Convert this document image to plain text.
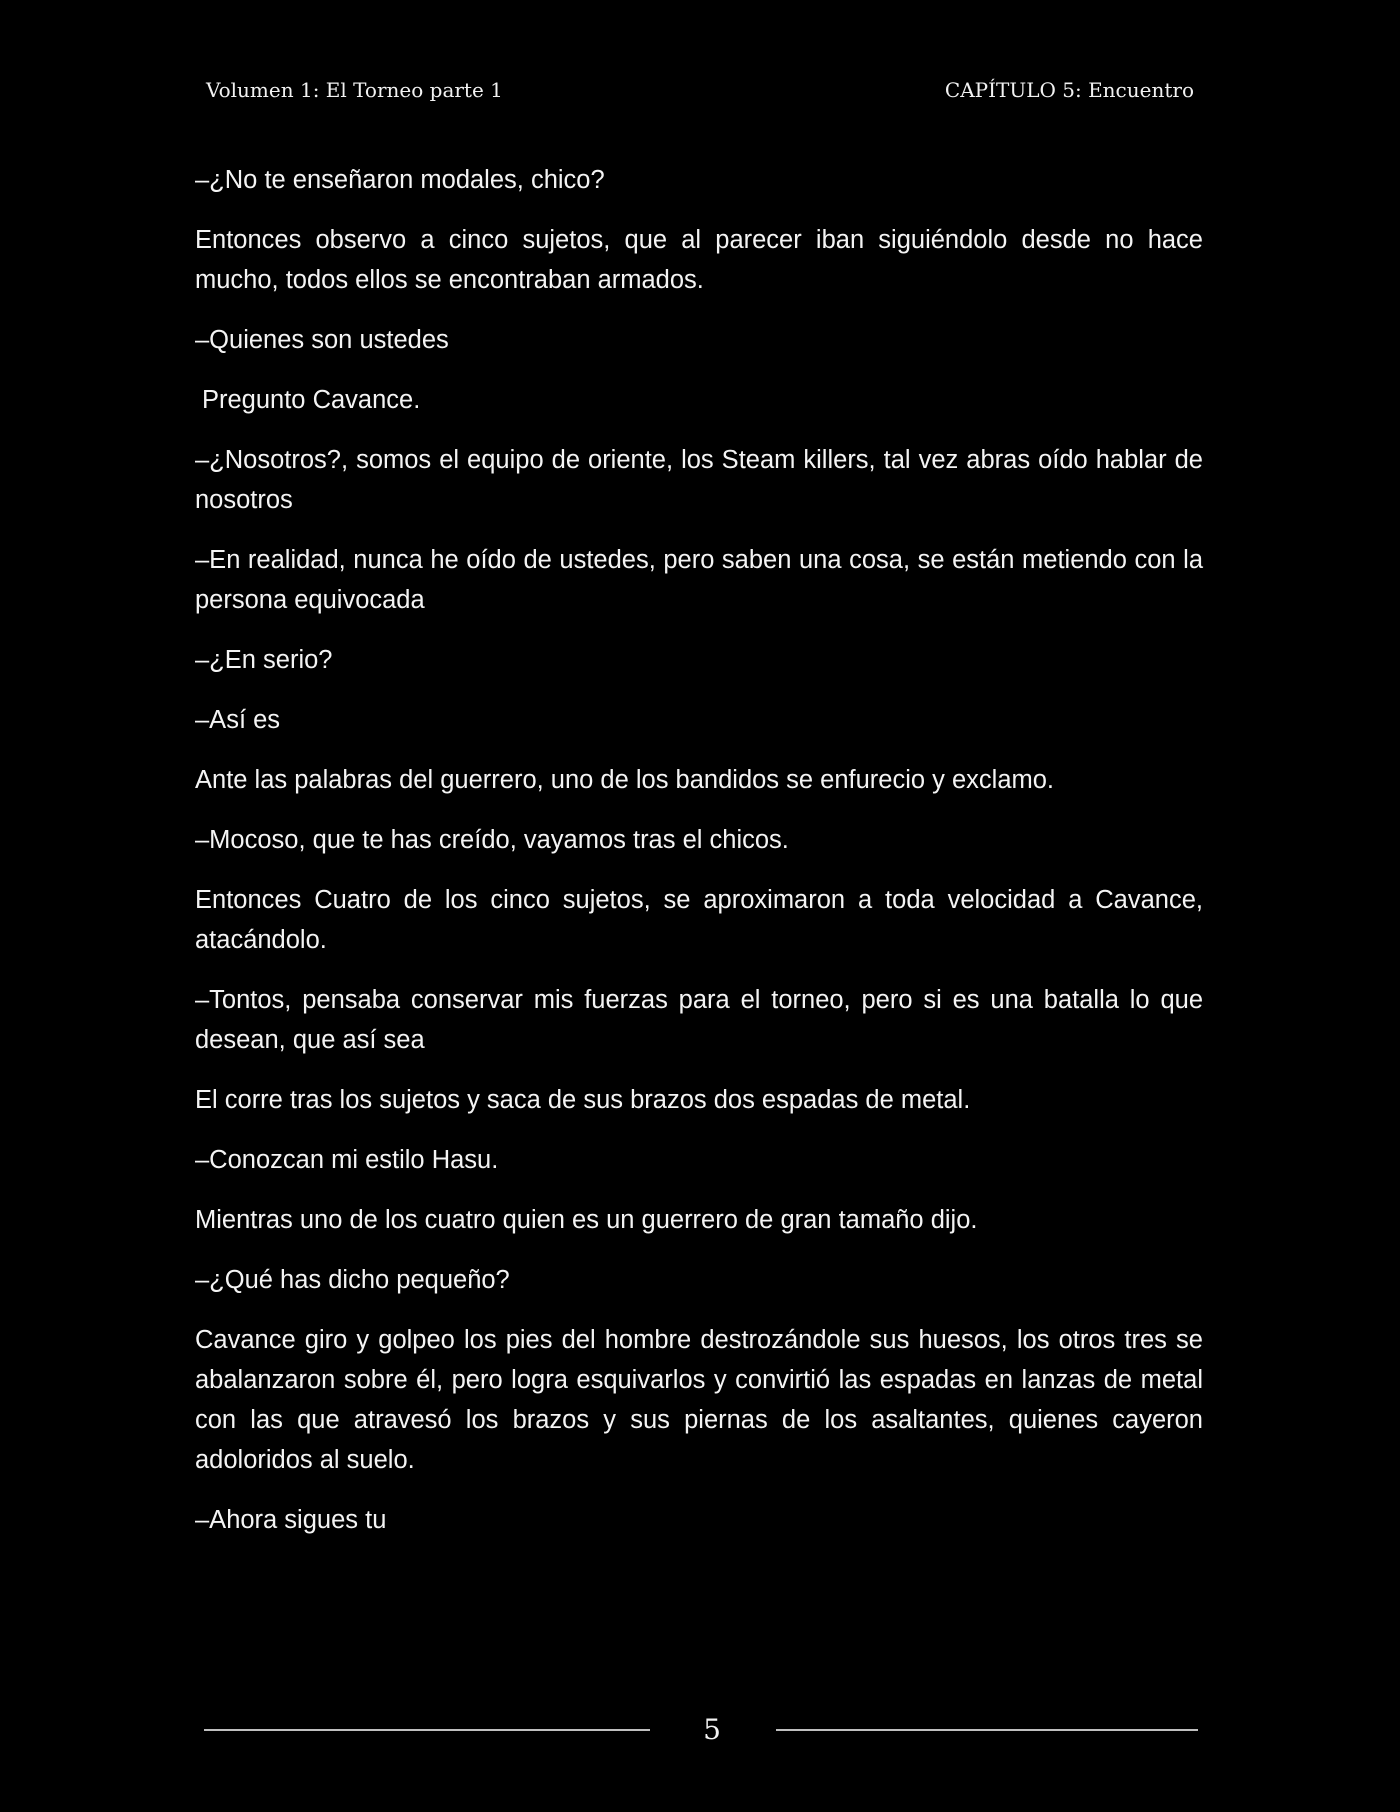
Volumen 1: El Torneo parte 1	CAPÍTULO 5: Encuentro

–¿No te enseñaron modales, chico?

Entonces observo a cinco sujetos, que al parecer iban siguiéndolo desde no hace mucho, todos ellos se encontraban armados.

–Quienes son ustedes

Pregunto Cavance.

–¿Nosotros?, somos el equipo de oriente, los Steam killers, tal vez abras oído hablar de nosotros

–En realidad, nunca he oído de ustedes, pero saben una cosa, se están metiendo con la persona equivocada

–¿En serio?

–Así es

Ante las palabras del guerrero, uno de los bandidos se enfurecio y exclamo.

–Mocoso, que te has creído, vayamos tras el chicos.

Entonces Cuatro de los cinco sujetos, se aproximaron a toda velocidad a Cavance, atacándolo.

–Tontos, pensaba conservar mis fuerzas para el torneo, pero si es una batalla lo que desean, que así sea

El corre tras los sujetos y saca de sus brazos dos espadas de metal.

–Conozcan mi estilo Hasu.

Mientras uno de los cuatro quien es un guerrero de gran tamaño dijo.

–¿Qué has dicho pequeño?

Cavance giro y golpeo los pies del hombre destrozándole sus huesos, los otros tres se abalanzaron sobre él, pero logra esquivarlos y convirtió las espadas en lanzas de metal con las que atravesó los brazos y sus piernas de los asaltantes, quienes cayeron adoloridos al suelo.

–Ahora sigues tu

5
